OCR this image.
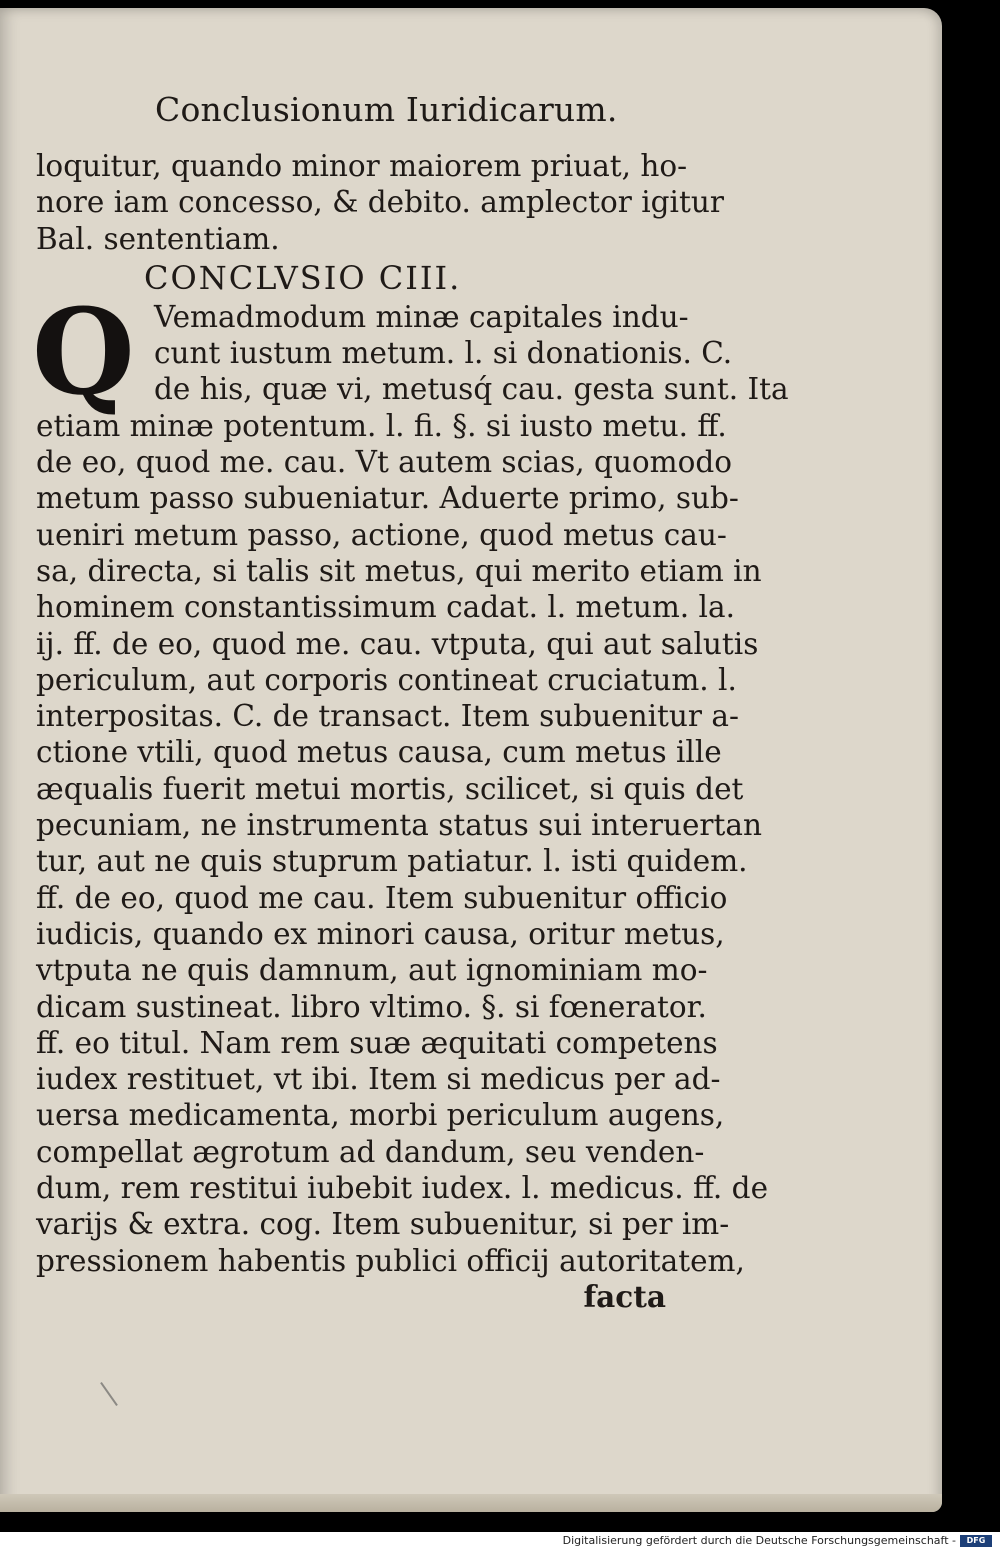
Conclusionum Iuridicarum.
loquitur, quando minor maiorem priuat, ho-
nore iam concesso, & debito. amplector igitur
Bal. sententiam.
CONCLVSIO CIII.
Q Vemadmodum minæ capitales indu-
cunt iustum metum. l. si donationis. C.
de his, quæ vi, metusq́ cau. gesta sunt. Ita
etiam minæ potentum. l. fi. §. si iusto metu. ff.
de eo, quod me. cau. Vt autem scias, quomodo
metum passo subueniatur. Aduerte primo, sub-
ueniri metum passo, actione, quod metus cau-
sa, directa, si talis sit metus, qui merito etiam in
hominem constantissimum cadat. l. metum. la.
ij. ff. de eo, quod me. cau. vtputa, qui aut salutis
periculum, aut corporis contineat cruciatum. l.
interpositas. C. de transact. Item subuenitur a-
ctione vtili, quod metus causa, cum metus ille
æqualis fuerit metui mortis, scilicet, si quis det
pecuniam, ne instrumenta status sui interuertan
tur, aut ne quis stuprum patiatur. l. isti quidem.
ff. de eo, quod me cau. Item subuenitur officio
iudicis, quando ex minori causa, oritur metus,
vtputa ne quis damnum, aut ignominiam mo-
dicam sustineat. libro vltimo. §. si fœnerator.
ff. eo titul. Nam rem suæ æquitati competens
iudex restituet, vt ibi. Item si medicus per ad-
uersa medicamenta, morbi periculum augens,
compellat ægrotum ad dandum, seu venden-
dum, rem restitui iubebit iudex. l. medicus. ff. de
varijs & extra. cog. Item subuenitur, si per im-
pressionem habentis publici officij autoritatem,
facta
Digitalisierung gefördert durch die Deutsche Forschungsgemeinschaft -	DFG
